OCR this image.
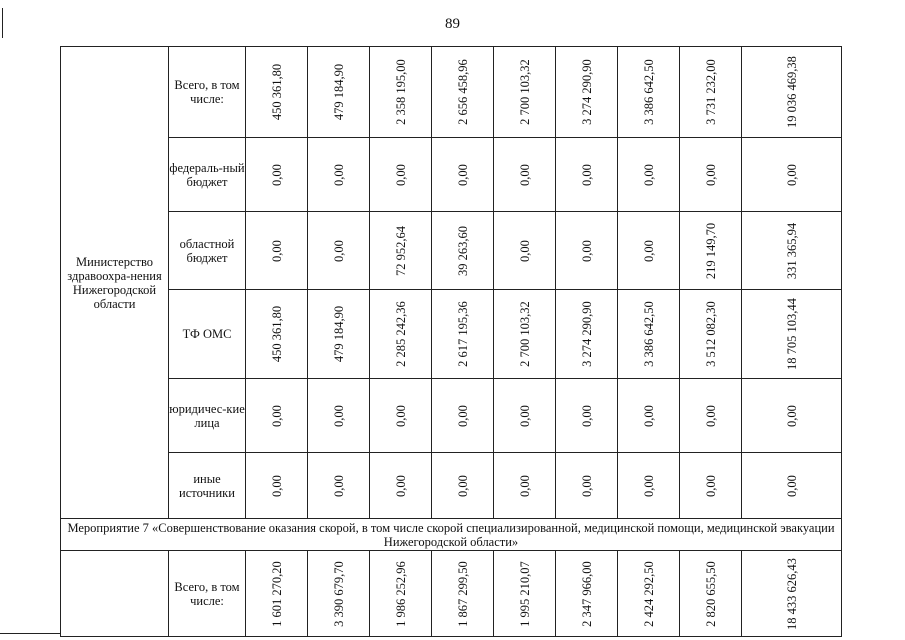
89
Министерство здравоохра-нения Нижегородской области	Всего, в том числе:	450 361,80	479 184,90	2 358 195,00	2 656 458,96	2 700 103,32	3 274 290,90	3 386 642,50	3 731 232,00	19 036 469,38

	федераль-ный бюджет	0,00	0,00	0,00	0,00	0,00	0,00	0,00	0,00	0,00

	областной бюджет	0,00	0,00	72 952,64	39 263,60	0,00	0,00	0,00	219 149,70	331 365,94

	ТФ ОМС	450 361,80	479 184,90	2 285 242,36	2 617 195,36	2 700 103,32	3 274 290,90	3 386 642,50	3 512 082,30	18 705 103,44

	юридичес-кие лица	0,00	0,00	0,00	0,00	0,00	0,00	0,00	0,00	0,00

	иные источники	0,00	0,00	0,00	0,00	0,00	0,00	0,00	0,00	0,00

Мероприятие 7 «Совершенствование оказания скорой, в том числе скорой специализированной, медицинской помощи, медицинской эвакуации Нижегородской области»										
	Всего, в том числе:	1 601 270,20	3 390 679,70	1 986 252,96	1 867 299,50	1 995 210,07	2 347 966,00	2 424 292,50	2 820 655,50	18 433 626,43
